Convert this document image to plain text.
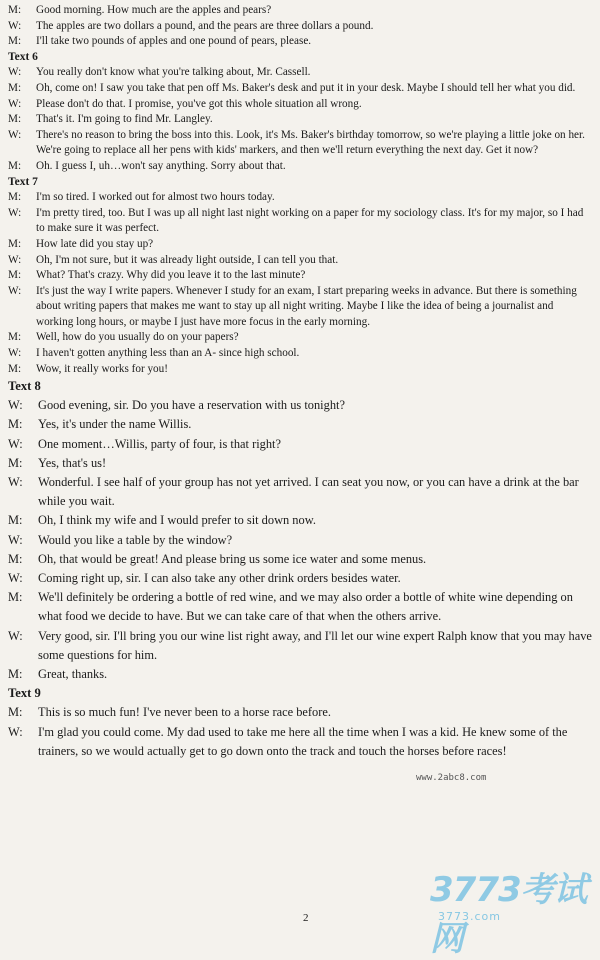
M: Good morning. How much are the apples and pears?
W: The apples are two dollars a pound, and the pears are three dollars a pound.
M: I'll take two pounds of apples and one pound of pears, please.
Text 6
W: You really don't know what you're talking about, Mr. Cassell.
M: Oh, come on! I saw you take that pen off Ms. Baker's desk and put it in your desk. Maybe I should tell her what you did.
W: Please don't do that. I promise, you've got this whole situation all wrong.
M: That's it. I'm going to find Mr. Langley.
W: There's no reason to bring the boss into this. Look, it's Ms. Baker's birthday tomorrow, so we're playing a little joke on her. We're going to replace all her pens with kids' markers, and then we'll return everything the next day. Get it now?
M: Oh. I guess I, uh…won't say anything. Sorry about that.
Text 7
M: I'm so tired. I worked out for almost two hours today.
W: I'm pretty tired, too. But I was up all night last night working on a paper for my sociology class. It's for my major, so I had to make sure it was perfect.
M: How late did you stay up?
W: Oh, I'm not sure, but it was already light outside, I can tell you that.
M: What? That's crazy. Why did you leave it to the last minute?
W: It's just the way I write papers. Whenever I study for an exam, I start preparing weeks in advance. But there is something about writing papers that makes me want to stay up all night writing. Maybe I like the idea of being a journalist and working long hours, or maybe I just have more focus in the early morning.
M: Well, how do you usually do on your papers?
W: I haven't gotten anything less than an A- since high school.
M: Wow, it really works for you!
Text 8
W: Good evening, sir. Do you have a reservation with us tonight?
M: Yes, it's under the name Willis.
W: One moment…Willis, party of four, is that right?
M: Yes, that's us!
W: Wonderful. I see half of your group has not yet arrived. I can seat you now, or you can have a drink at the bar while you wait.
M: Oh, I think my wife and I would prefer to sit down now.
W: Would you like a table by the window?
M: Oh, that would be great! And please bring us some ice water and some menus.
W: Coming right up, sir. I can also take any other drink orders besides water.
M: We'll definitely be ordering a bottle of red wine, and we may also order a bottle of white wine depending on what food we decide to have. But we can take care of that when the others arrive.
W: Very good, sir. I'll bring you our wine list right away, and I'll let our wine expert Ralph know that you may have some questions for him.
M: Great, thanks.
Text 9
M: This is so much fun! I've never been to a horse race before.
W: I'm glad you could come. My dad used to take me here all the time when I was a kid. He knew some of the trainers, so we would actually get to go down onto the track and touch the horses before races!
www.2abc8.com
3773考试网
3773.com
2
